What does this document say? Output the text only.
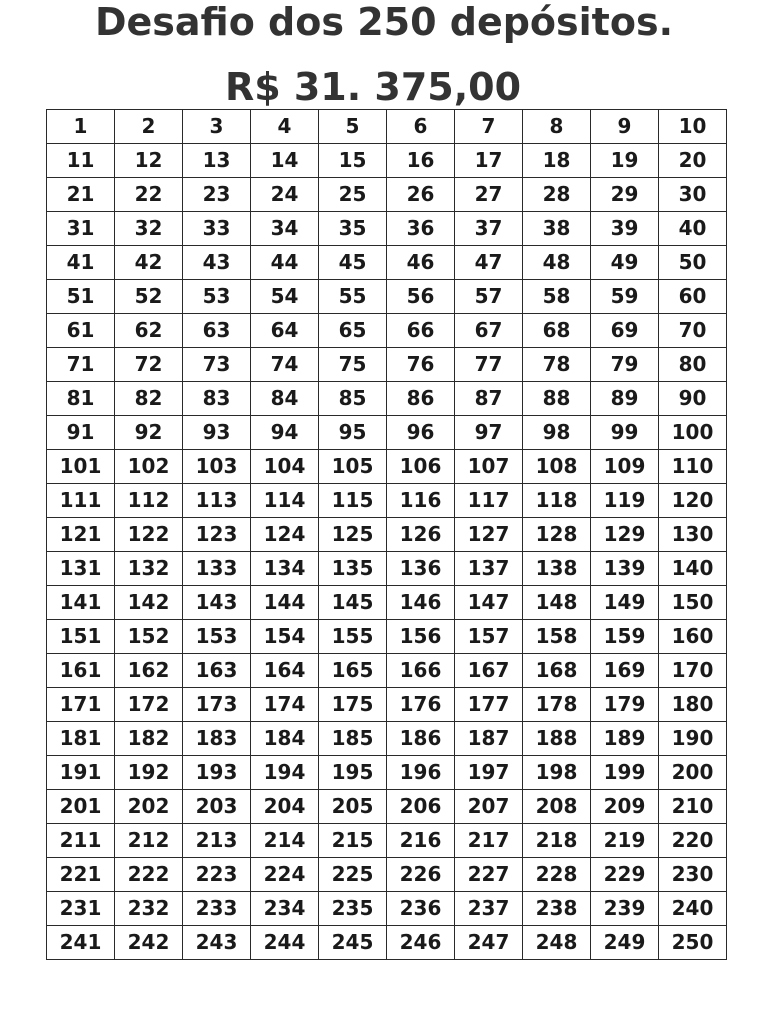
Desafio dos 250 depósitos.
R$ 31. 375,00
1	2	3	4	5	6	7	8	9	10
11	12	13	14	15	16	17	18	19	20
21	22	23	24	25	26	27	28	29	30
31	32	33	34	35	36	37	38	39	40
41	42	43	44	45	46	47	48	49	50
51	52	53	54	55	56	57	58	59	60
61	62	63	64	65	66	67	68	69	70
71	72	73	74	75	76	77	78	79	80
81	82	83	84	85	86	87	88	89	90
91	92	93	94	95	96	97	98	99	100
101	102	103	104	105	106	107	108	109	110
111	112	113	114	115	116	117	118	119	120
121	122	123	124	125	126	127	128	129	130
131	132	133	134	135	136	137	138	139	140
141	142	143	144	145	146	147	148	149	150
151	152	153	154	155	156	157	158	159	160
161	162	163	164	165	166	167	168	169	170
171	172	173	174	175	176	177	178	179	180
181	182	183	184	185	186	187	188	189	190
191	192	193	194	195	196	197	198	199	200
201	202	203	204	205	206	207	208	209	210
211	212	213	214	215	216	217	218	219	220
221	222	223	224	225	226	227	228	229	230
231	232	233	234	235	236	237	238	239	240
241	242	243	244	245	246	247	248	249	250
